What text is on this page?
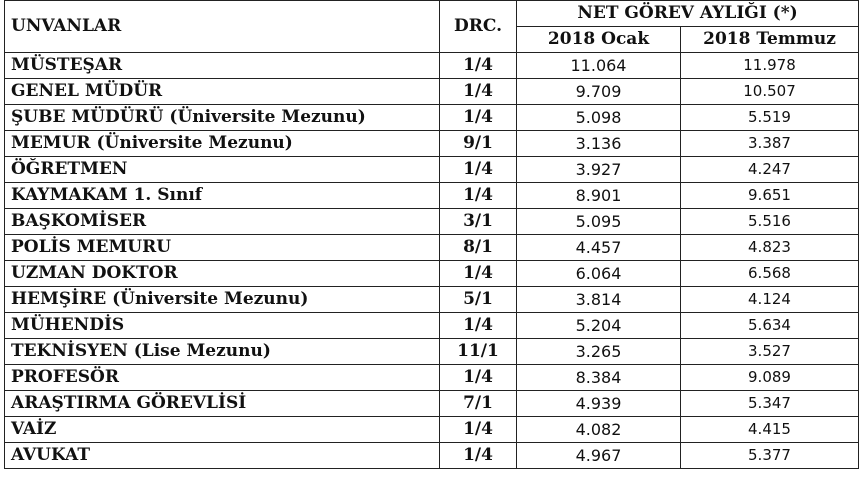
UNVANLAR	DRC.	NET GÖREV AYLIĞI (*)	
		2018 Ocak	2018 Temmuz
MÜSTEŞAR	1/4	11.064	11.978
GENEL MÜDÜR	1/4	9.709	10.507
ŞUBE MÜDÜRÜ (Üniversite Mezunu)	1/4	5.098	5.519
MEMUR (Üniversite Mezunu)	9/1	3.136	3.387
ÖĞRETMEN	1/4	3.927	4.247
KAYMAKAM 1. Sınıf	1/4	8.901	9.651
BAŞKOMİSER	3/1	5.095	5.516
POLİS MEMURU	8/1	4.457	4.823
UZMAN DOKTOR	1/4	6.064	6.568
HEMŞİRE (Üniversite Mezunu)	5/1	3.814	4.124
MÜHENDİS	1/4	5.204	5.634
TEKNİSYEN (Lise Mezunu)	11/1	3.265	3.527
PROFESÖR	1/4	8.384	9.089
ARAŞTIRMA GÖREVLİSİ	7/1	4.939	5.347
VAİZ	1/4	4.082	4.415
AVUKAT	1/4	4.967	5.377
